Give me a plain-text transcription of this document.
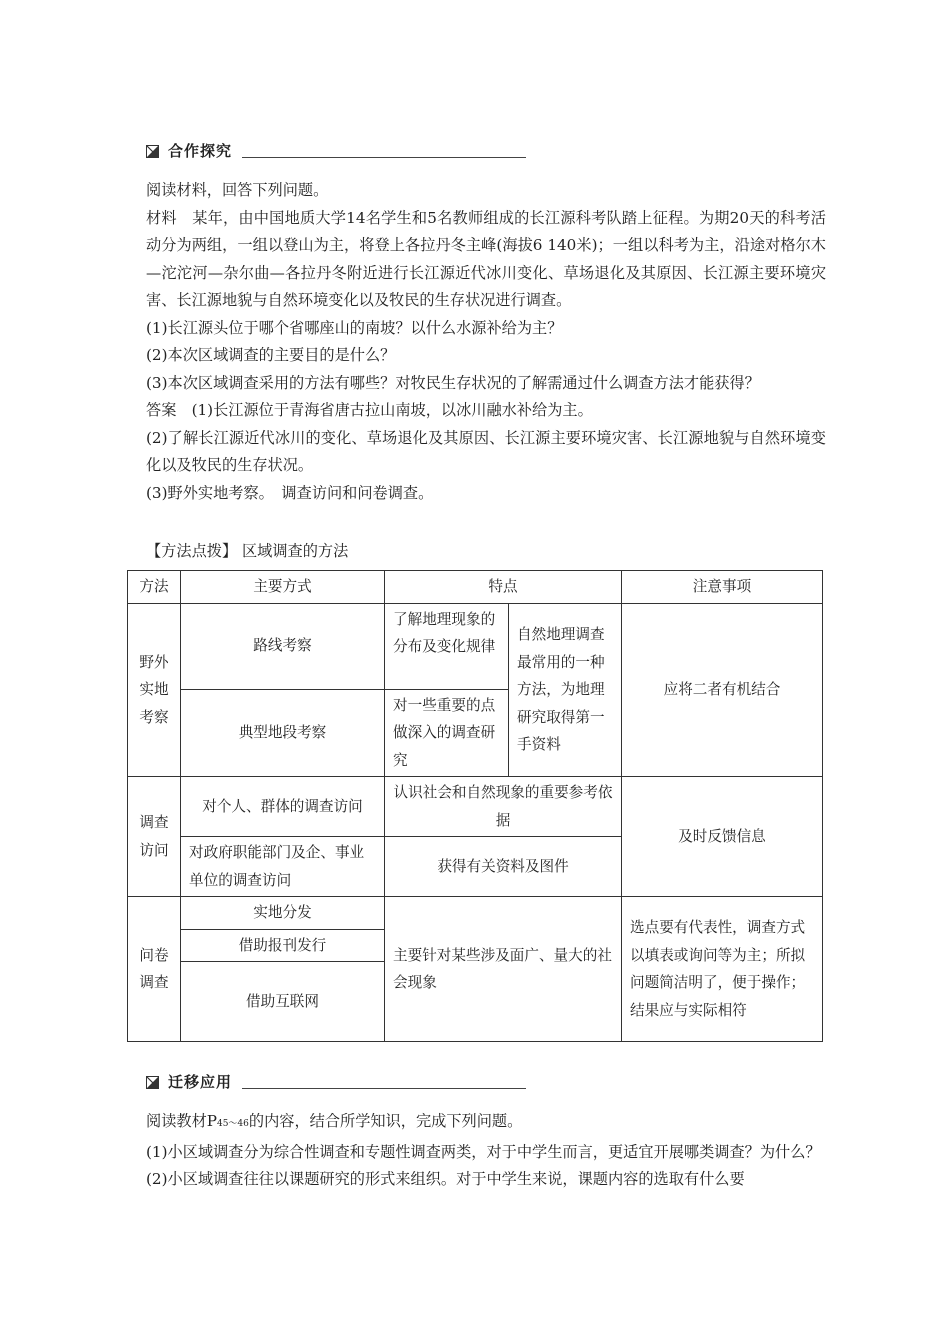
合作探究

阅读材料，回答下列问题。

材料　某年，由中国地质大学14名学生和5名教师组成的长江源科考队踏上征程。为期20天的科考活动分为两组，一组以登山为主，将登上各拉丹冬主峰(海拔6 140米)；一组以科考为主，沿途对格尔木—沱沱河—杂尔曲—各拉丹冬附近进行长江源近代冰川变化、草场退化及其原因、长江源主要环境灾害、长江源地貌与自然环境变化以及牧民的生存状况进行调查。

(1)长江源头位于哪个省哪座山的南坡？以什么水源补给为主？

(2)本次区域调查的主要目的是什么？

(3)本次区域调查采用的方法有哪些？对牧民生存状况的了解需通过什么调查方法才能获得？

答案　(1)长江源位于青海省唐古拉山南坡，以冰川融水补给为主。

(2)了解长江源近代冰川的变化、草场退化及其原因、长江源主要环境灾害、长江源地貌与自然环境变化以及牧民的生存状况。

(3)野外实地考察。　调查访问和问卷调查。

【方法点拨】 区域调查的方法
方法	主要方式	特点		注意事项
野外实地考察	路线考察	了解地理现象的分布及变化规律	自然地理调查最常用的一种方法，为地理研究取得第一手资料	应将二者有机结合
	典型地段考察	对一些重要的点做深入的调查研究		
调查访问	对个人、群体的调查访问	认识社会和自然现象的重要参考依据		及时反馈信息
	对政府职能部门及企、事业单位的调查访问	获得有关资料及图件		
问卷调查	实地分发	主要针对某些涉及面广、量大的社会现象		选点要有代表性，调查方式以填表或询问等为主；所拟问题简洁明了，便于操作；结果应与实际相符
	借助报刊发行			
	借助互联网			
迁移应用

阅读教材P45～46的内容，结合所学知识，完成下列问题。

(1)小区域调查分为综合性调查和专题性调查两类，对于中学生而言，更适宜开展哪类调查？为什么？

(2)小区域调查往往以课题研究的形式来组织。对于中学生来说，课题内容的选取有什么要
